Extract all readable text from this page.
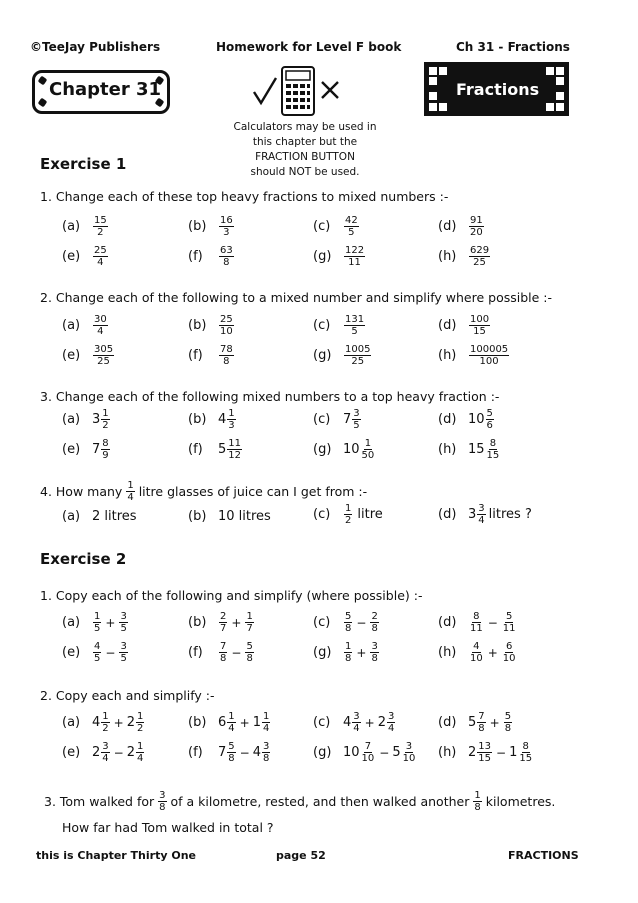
©TeeJay Publishers	Homework for Level F book	Ch 31 - Fractions
Chapter 31	Fractions
Calculators may be used in
this chapter but the
FRACTION BUTTON
should NOT be used.
Exercise 1
1. Change each of these top heavy fractions to mixed numbers :-
(a)	$\frac{15}{2}$	(b)	$\frac{16}{3}$	(c)	$\frac{42}{5}$	(d)	$\frac{91}{20}$
(e)	$\frac{25}{4}$	(f)	$\frac{63}{8}$	(g)	$\frac{122}{11}$	(h)	$\frac{629}{25}$
2. Change each of the following to a mixed number and simplify where possible :-
(a)	$\frac{30}{4}$	(b)	$\frac{25}{10}$	(c)	$\frac{131}{5}$	(d)	$\frac{100}{15}$
(e)	$\frac{305}{25}$	(f)	$\frac{78}{8}$	(g)	$\frac{1005}{25}$	(h)	$\frac{100005}{100}$
3. Change each of the following mixed numbers to a top heavy fraction :-
(a) $3 \frac{1}{2}$	(b) $4 \frac{1}{3}$	(c) $7 \frac{3}{5}$	(d) $10 \frac{5}{6}$
(e) $7 \frac{8}{9}$	(f)	$5 \frac{11}{12}$	(g) $10 \frac{1}{50}$	(h) $15 \frac{8}{15}$
4. How many $\frac{1}{4}$ litre glasses of juice can I get from :-
(a) 2 litres	(b) 10 litres	(c)	$\frac{1}{2}$ litre	(d) $3 \frac{3}{4}$ litres ?
Exercise 2
1. Copy each of the following and simplify (where possible) :-
(a)	$\frac{1}{5} + \frac{3}{5}$	(b)	$\frac{2}{7} + \frac{1}{7}$	(c)	$\frac{5}{8} - \frac{2}{8}$	(d)	$\frac{8}{11} - \frac{5}{11}$
(e)	$\frac{4}{5} - \frac{3}{5}$	(f)	$\frac{7}{8} - \frac{5}{8}$	(g)	$\frac{1}{8} + \frac{3}{8}$	(h)	$\frac{4}{10} + \frac{6}{10}$
2. Copy each and simplify :-
(a) $4 \frac{1}{2} + 2 \frac{1}{2}$	(b) $6 \frac{1}{4} + 1 \frac{1}{4}$	(c) $4 \frac{3}{4} + 2 \frac{3}{4}$	(d) $5 \frac{7}{8} + \frac{5}{8}$
(e) $2 \frac{3}{4} - 2 \frac{1}{4}$	(f)	$7 \frac{5}{8} - 4 \frac{3}{8}$	(g) $10 \frac{7}{10} - 5 \frac{3}{10} (h)$ $2 \frac{13}{15} - 1 \frac{8}{15}$
3. Tom walked for $\frac{3}{8}$ of a kilometre, rested, and then walked another $\frac{1}{8}$ kilometres.
How far had Tom walked in total ?
this is Chapter Thirty One	page 52	FRACTIONS
